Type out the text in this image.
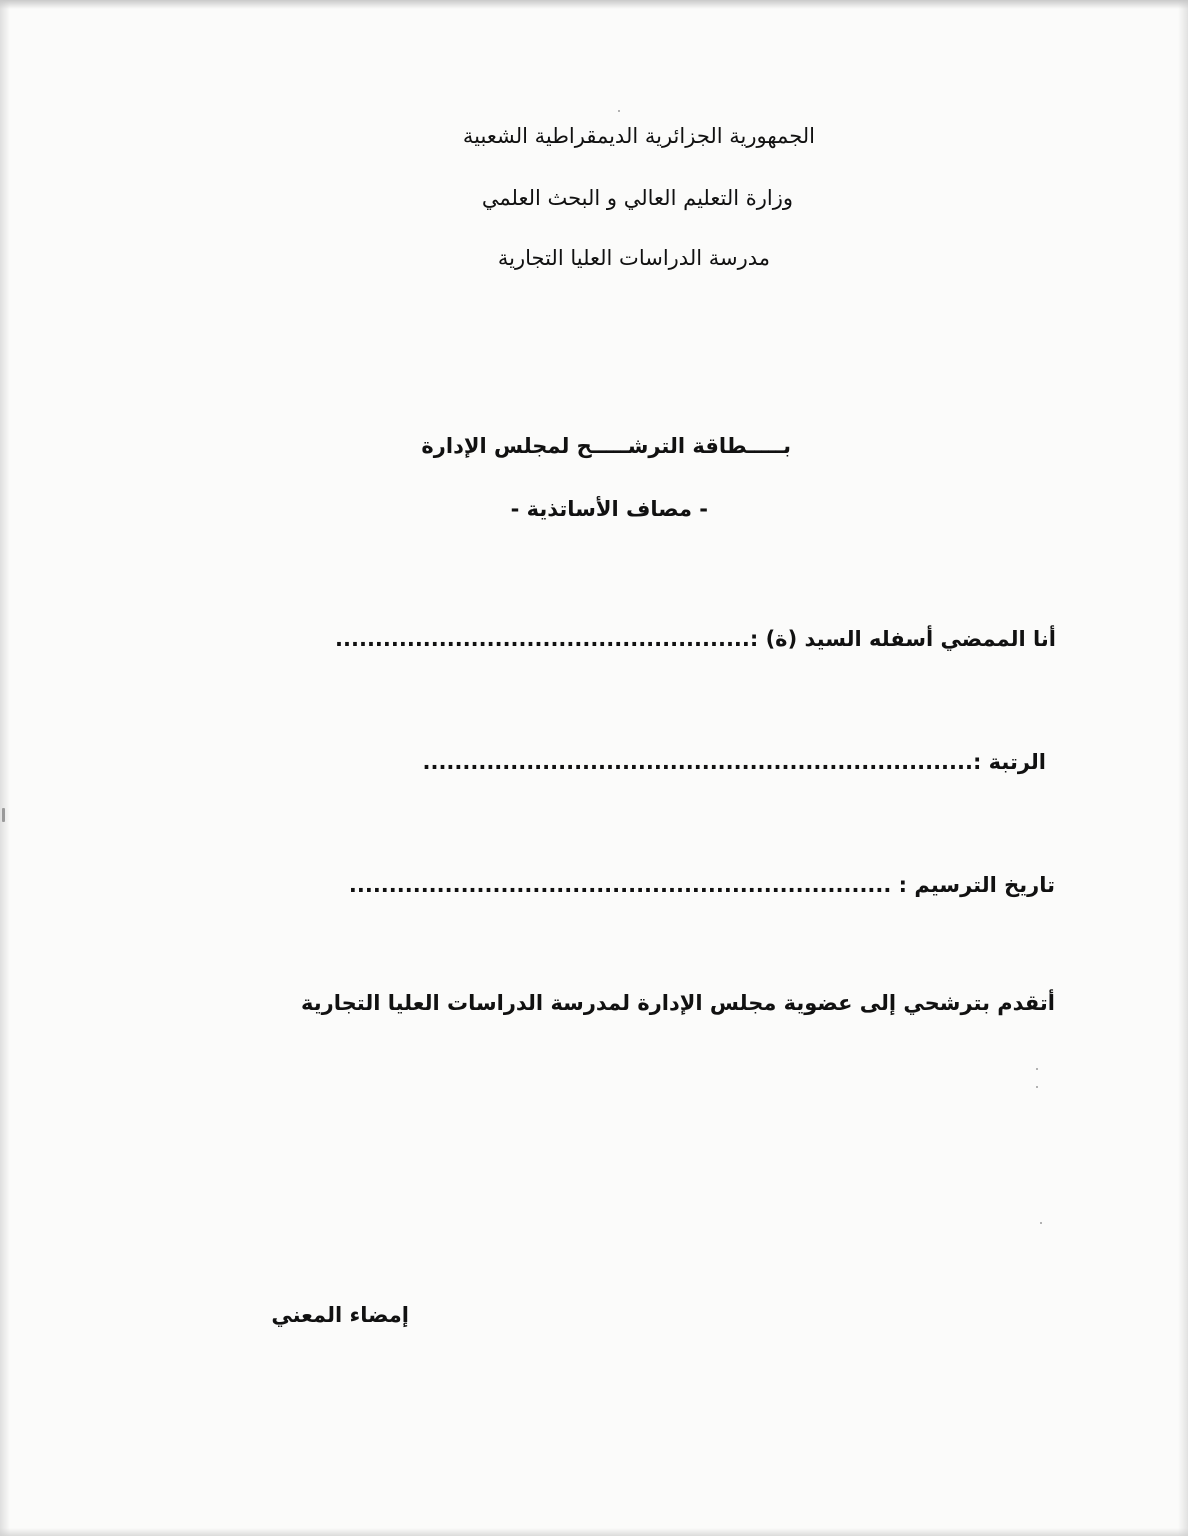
الجمهورية الجزائرية الديمقراطية الشعبية

وزارة التعليم العالي و البحث العلمي

مدرسة الدراسات العليا التجارية

بـــــطاقة الترشـــــح لمجلس الإدارة

- مصاف الأساتذية -

أنا الممضي أسفله السيد (ة) :....................................................

الرتبة :.....................................................................

تاريخ الترسيم : ....................................................................

أتقدم بترشحي إلى عضوية مجلس الإدارة لمدرسة الدراسات العليا التجارية

إمضاء المعني
